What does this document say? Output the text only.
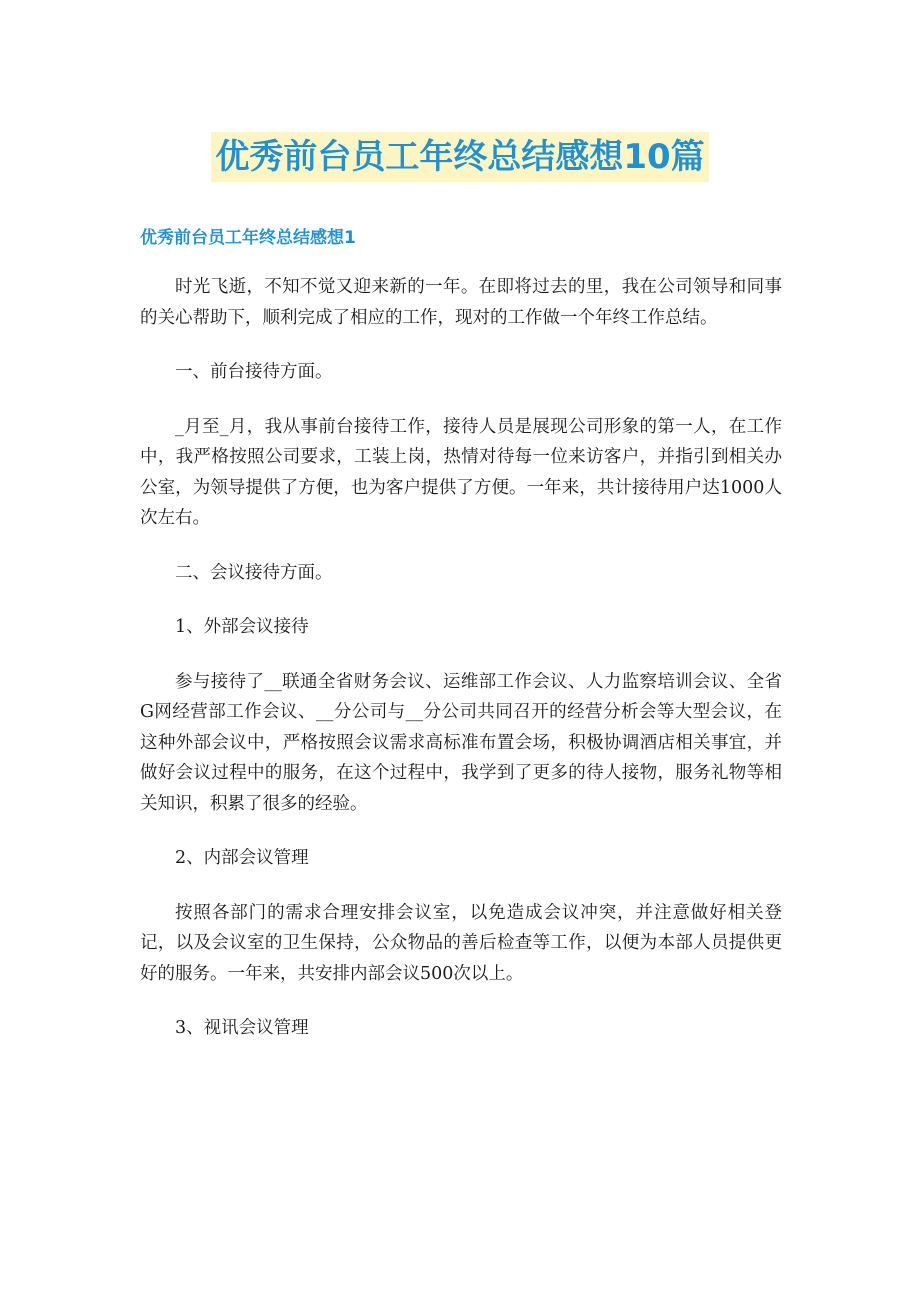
优秀前台员工年终总结感想10篇
优秀前台员工年终总结感想1

时光飞逝，不知不觉又迎来新的一年。在即将过去的里，我在公司领导和同事的关心帮助下，顺利完成了相应的工作，现对的工作做一个年终工作总结。

一、前台接待方面。

_月至_月，我从事前台接待工作，接待人员是展现公司形象的第一人，在工作中，我严格按照公司要求，工装上岗，热情对待每一位来访客户，并指引到相关办公室，为领导提供了方便，也为客户提供了方便。一年来，共计接待用户达1000人次左右。

二、会议接待方面。

1、外部会议接待

参与接待了__联通全省财务会议、运维部工作会议、人力监察培训会议、全省G网经营部工作会议、__分公司与__分公司共同召开的经营分析会等大型会议，在这种外部会议中，严格按照会议需求高标准布置会场，积极协调酒店相关事宜，并做好会议过程中的服务，在这个过程中，我学到了更多的待人接物，服务礼物等相关知识，积累了很多的经验。

2、内部会议管理

按照各部门的需求合理安排会议室，以免造成会议冲突，并注意做好相关登记，以及会议室的卫生保持，公众物品的善后检查等工作，以便为本部人员提供更好的服务。一年来，共安排内部会议500次以上。

3、视讯会议管理
